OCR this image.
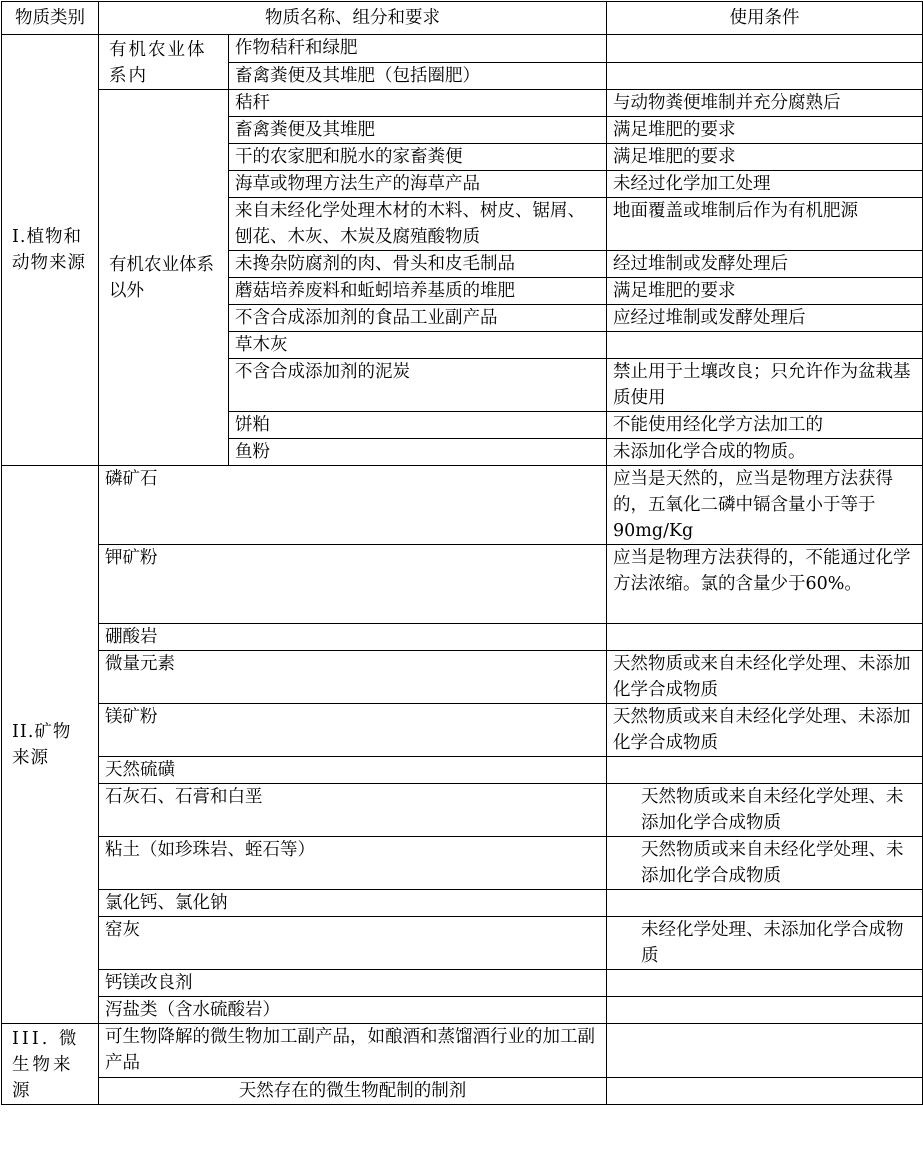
物质类别	物质名称、组分和要求		使用条件
I.植物和动物来源	有机农业体系内	作物秸秆和绿肥	
		畜禽粪便及其堆肥（包括圈肥）	
	有机农业体系以外	秸秆	与动物粪便堆制并充分腐熟后
		畜禽粪便及其堆肥	满足堆肥的要求
		干的农家肥和脱水的家畜粪便	满足堆肥的要求
		海草或物理方法生产的海草产品	未经过化学加工处理
		来自未经化学处理木材的木料、树皮、锯屑、刨花、木灰、木炭及腐殖酸物质	地面覆盖或堆制后作为有机肥源
		未搀杂防腐剂的肉、骨头和皮毛制品	经过堆制或发酵处理后
		蘑菇培养废料和蚯蚓培养基质的堆肥	满足堆肥的要求
		不含合成添加剂的食品工业副产品	应经过堆制或发酵处理后
		草木灰	
		不含合成添加剂的泥炭	禁止用于土壤改良；只允许作为盆栽基质使用
		饼粕	不能使用经化学方法加工的
		鱼粉	未添加化学合成的物质。
II.矿物来源	磷矿石		应当是天然的，应当是物理方法获得的，五氧化二磷中镉含量小于等于 90mg/Kg
	钾矿粉		应当是物理方法获得的，不能通过化学方法浓缩。氯的含量少于60%。
	硼酸岩		
	微量元素		天然物质或来自未经化学处理、未添加化学合成物质
	镁矿粉		天然物质或来自未经化学处理、未添加化学合成物质
	天然硫磺		
	石灰石、石膏和白垩		天然物质或来自未经化学处理、未添加化学合成物质
	粘土（如珍珠岩、蛭石等）		天然物质或来自未经化学处理、未添加化学合成物质
	氯化钙、氯化钠		
	窑灰		未经化学处理、未添加化学合成物质
	钙镁改良剂		
	泻盐类（含水硫酸岩）		
III. 微生物来源	可生物降解的微生物加工副产品，如酿酒和蒸馏酒行业的加工副产品		
	天然存在的微生物配制的制剂		
